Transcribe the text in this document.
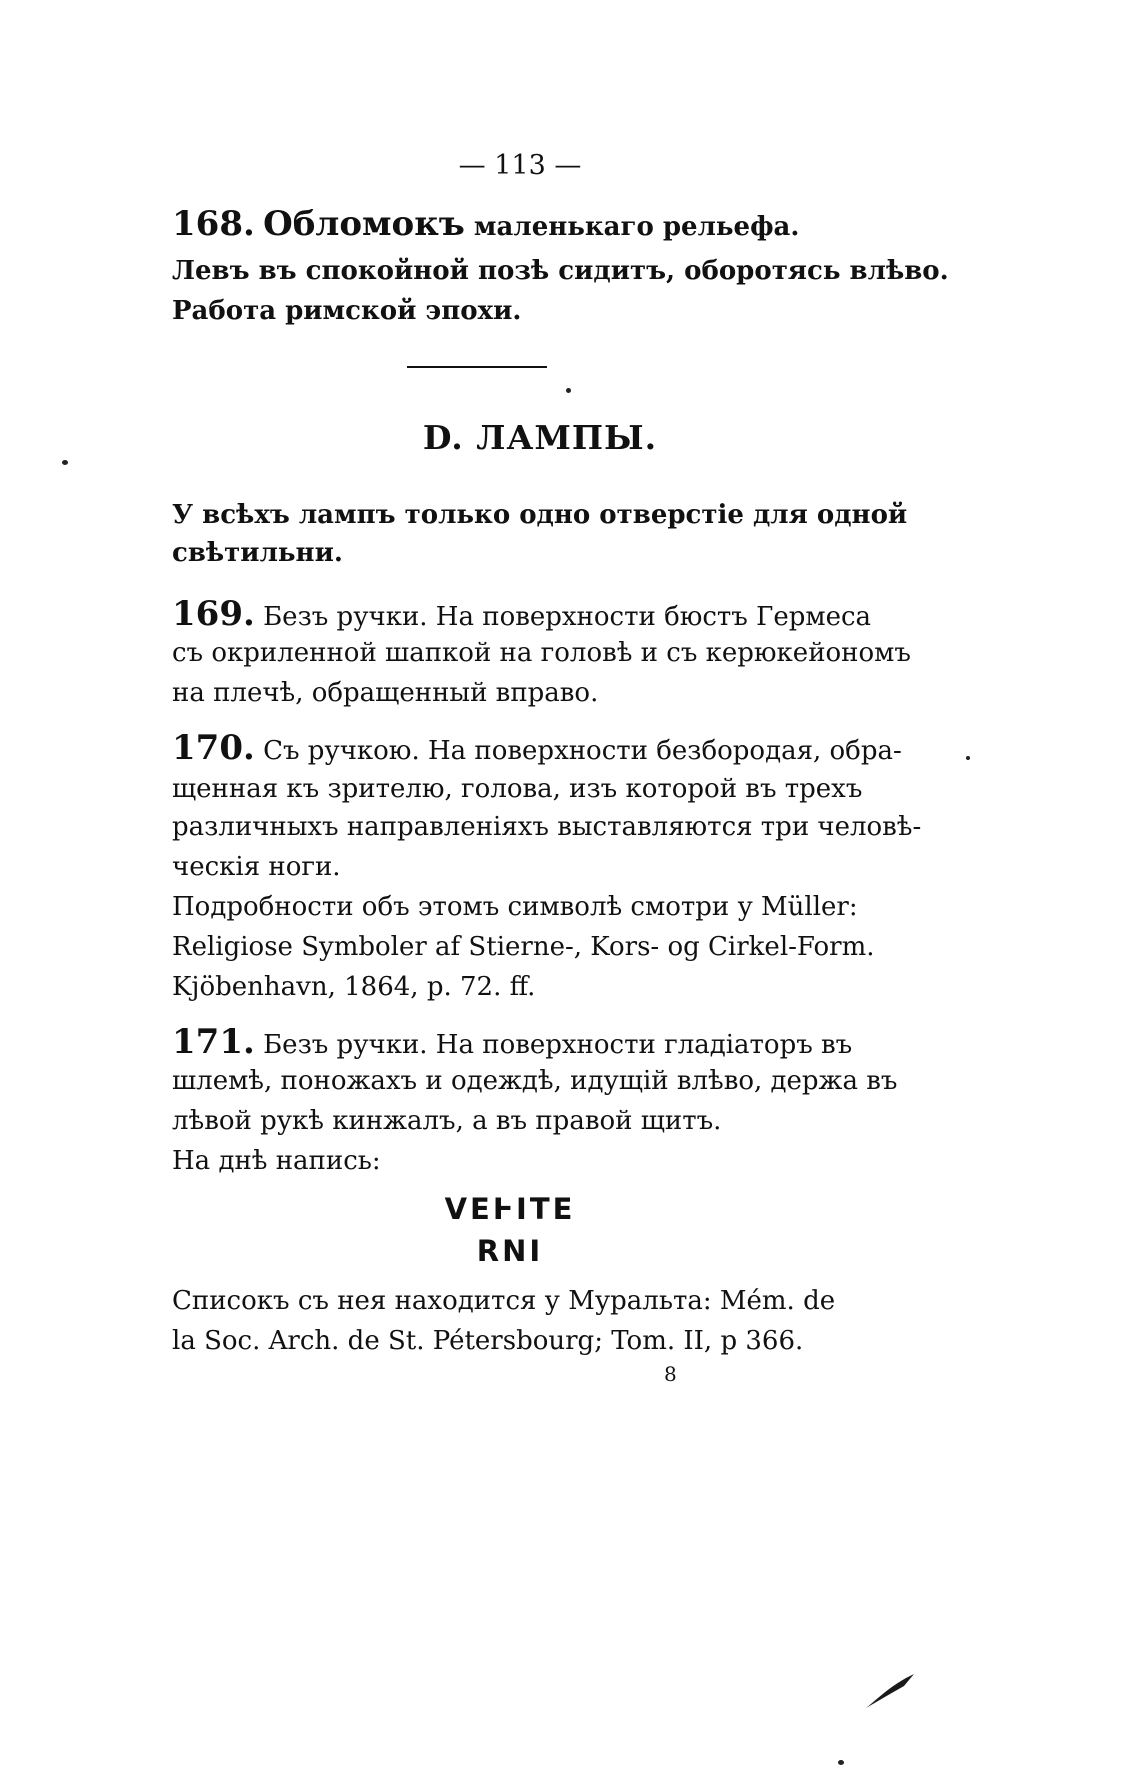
— 113 —
168. Обломокъ маленькаго рельефа.
Левъ въ спокойной позѣ сидитъ, оборотясь влѣво.
Работа римской эпохи.
D. ЛАМПЫ.
У всѣхъ лампъ только одно отверстіе для одной
свѣтильни.
169. Безъ ручки. На поверхности бюстъ Гермеса
съ окриленной шапкой на головѣ и съ керюкейономъ
на плечѣ, обращенный вправо.
170. Съ ручкою. На поверхности безбородая, обра-
щенная къ зрителю, голова, изъ которой въ трехъ
различныхъ направленіяхъ выставляются три человѣ-
ческія ноги.
Подробности объ этомъ символѣ смотри у Müller:
Religiose Symboler af Stierne-, Kors- og Cirkel-Form.
Kjöbenhavn, 1864, p. 72. ff.
171. Безъ ручки. На поверхности гладіаторъ въ
шлемѣ, поножахъ и одеждѣ, идущій влѣво, держа въ
лѣвой рукѣ кинжалъ, а въ правой щитъ.
На днѣ напись:
VEͰITE
RNI
Списокъ съ нея находится у Муральта: Mém. de
la Soc. Arch. de St. Pétersbourg; Tom. II, p 366.
8
